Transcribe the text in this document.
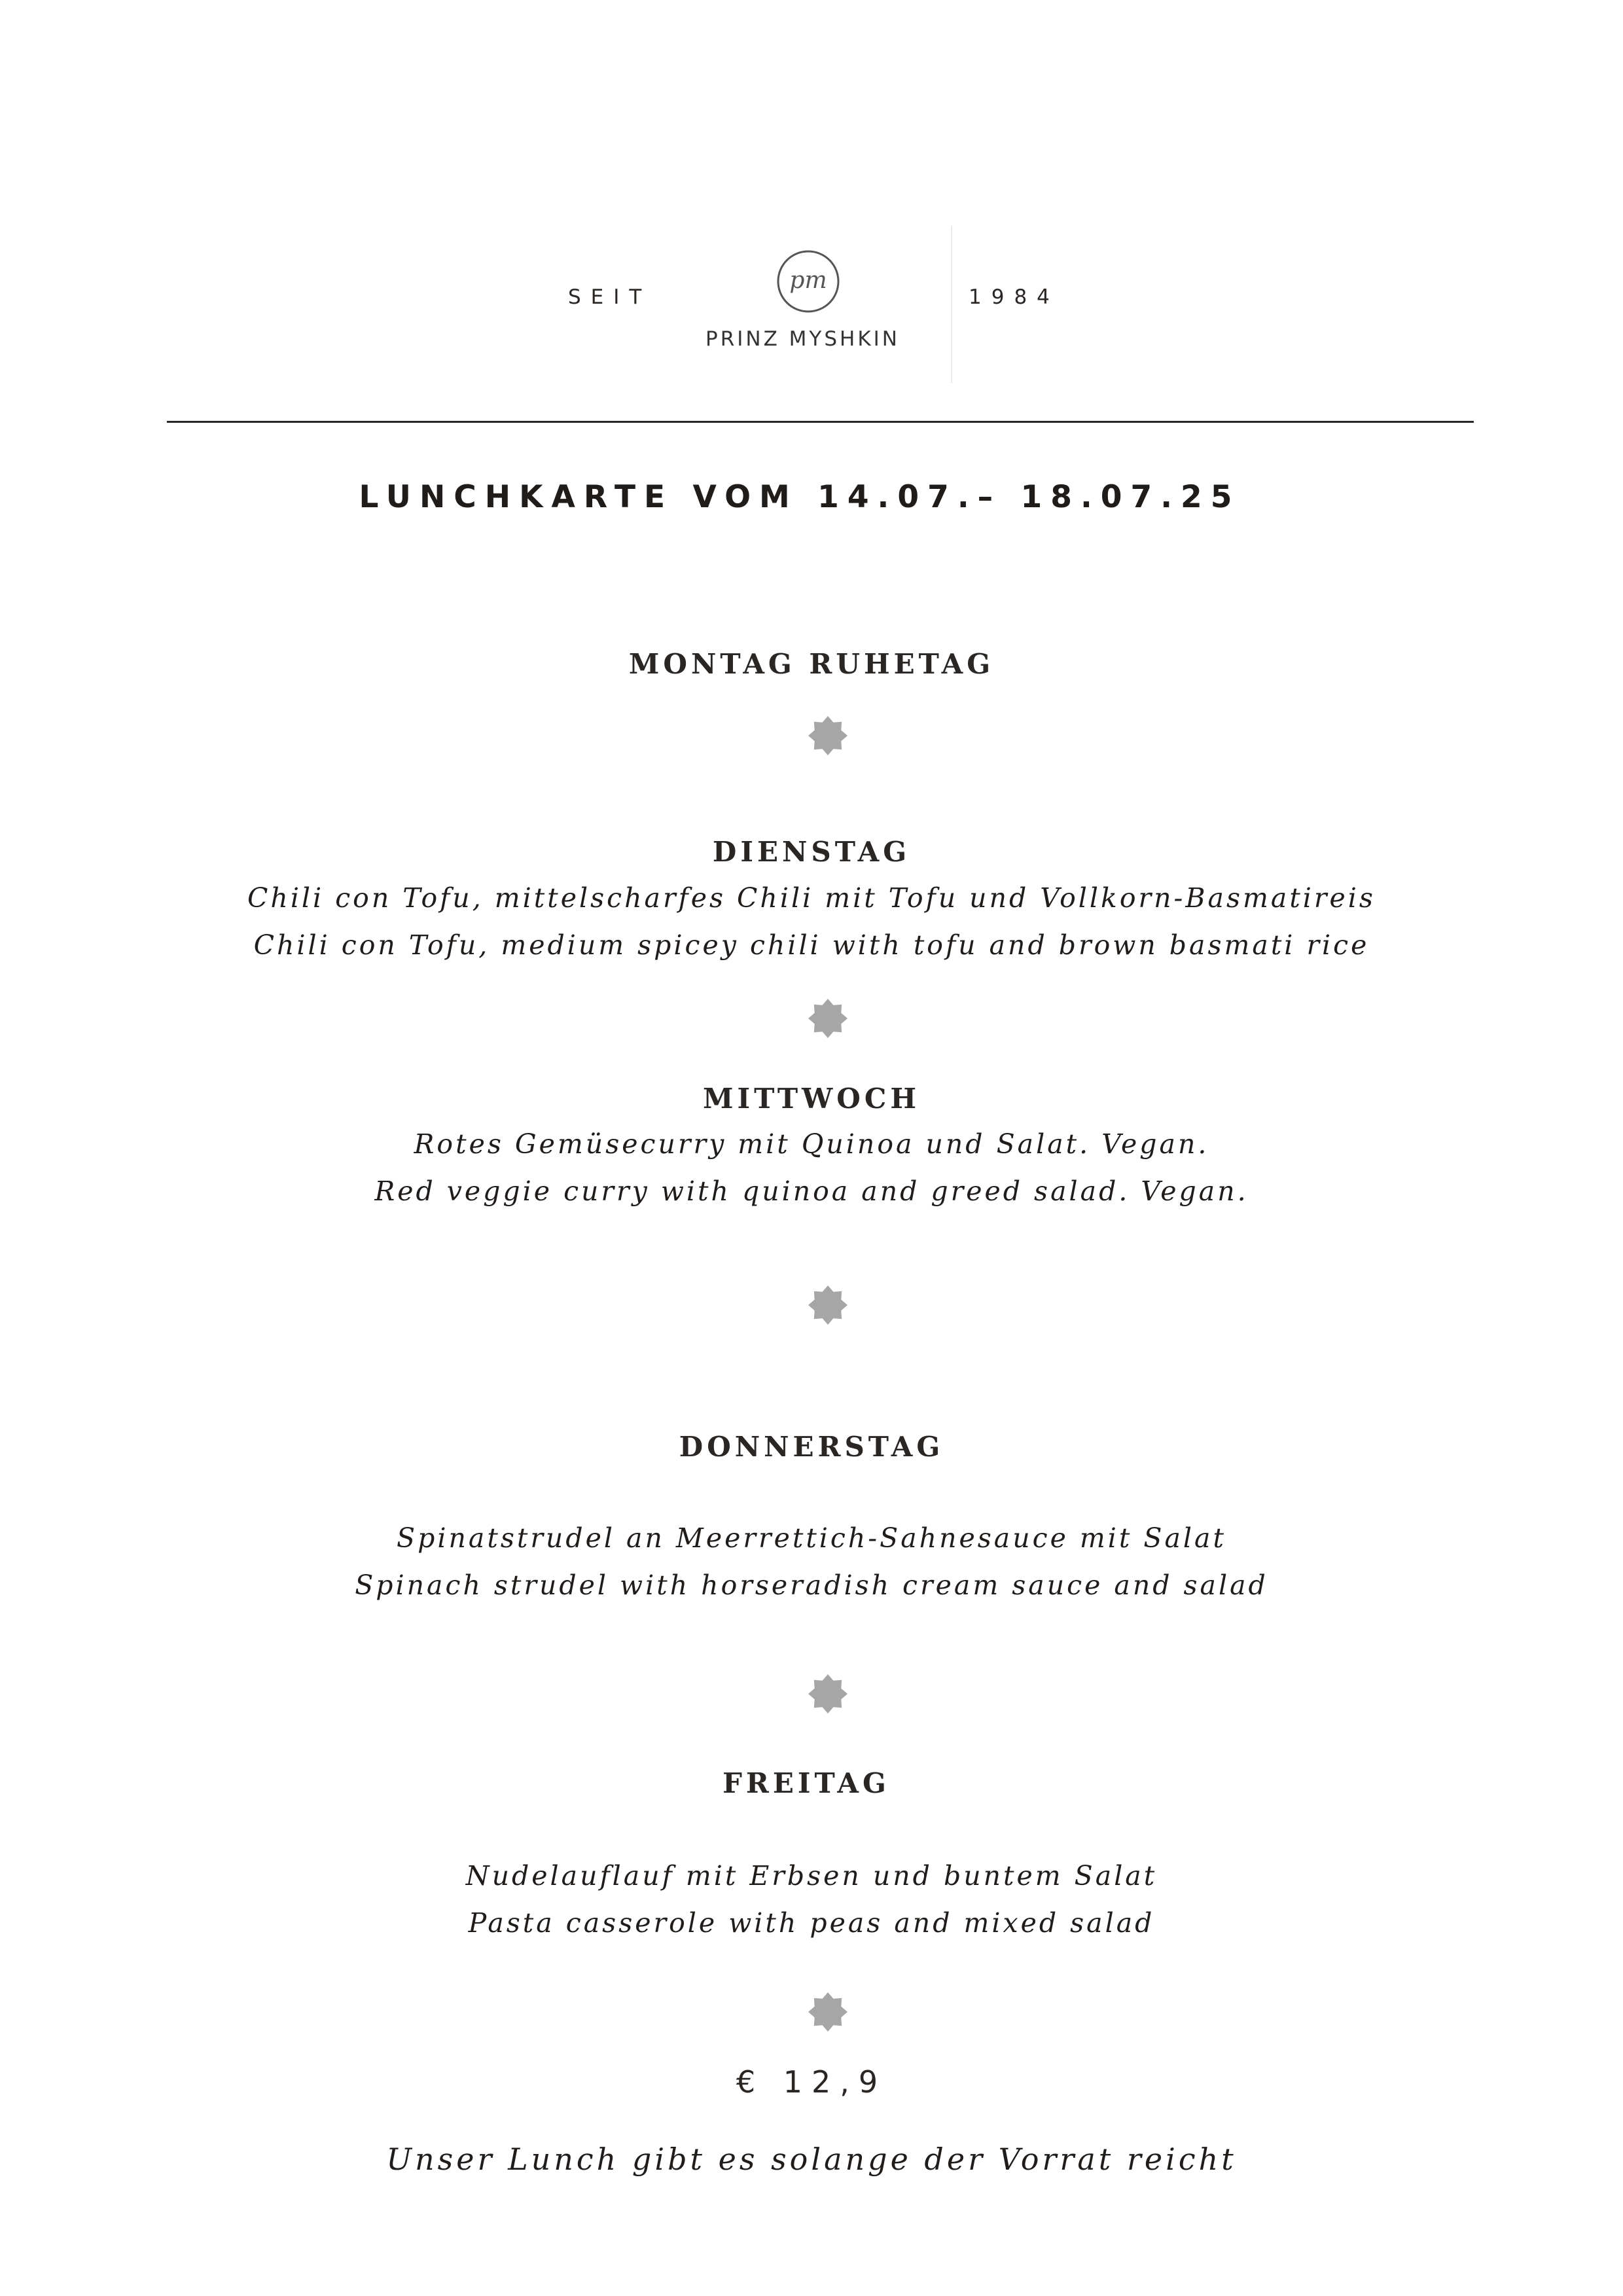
SEIT
pm
1984
PRINZ MYSHKIN
LUNCHKARTE VOM 14.07.– 18.07.25
MONTAG RUHETAG
DIENSTAG
Chili con Tofu, mittelscharfes Chili mit Tofu und Vollkorn-Basmatireis
Chili con Tofu, medium spicey chili with tofu and brown basmati rice
MITTWOCH
Rotes Gemüsecurry mit Quinoa und Salat. Vegan.
Red veggie curry with quinoa and greed salad. Vegan.
DONNERSTAG
Spinatstrudel an Meerrettich-Sahnesauce mit Salat
Spinach strudel with horseradish cream sauce and salad
FREITAG
Nudelauflauf mit Erbsen und buntem Salat
Pasta casserole with peas and mixed salad
€ 12,9
Unser Lunch gibt es solange der Vorrat reicht
